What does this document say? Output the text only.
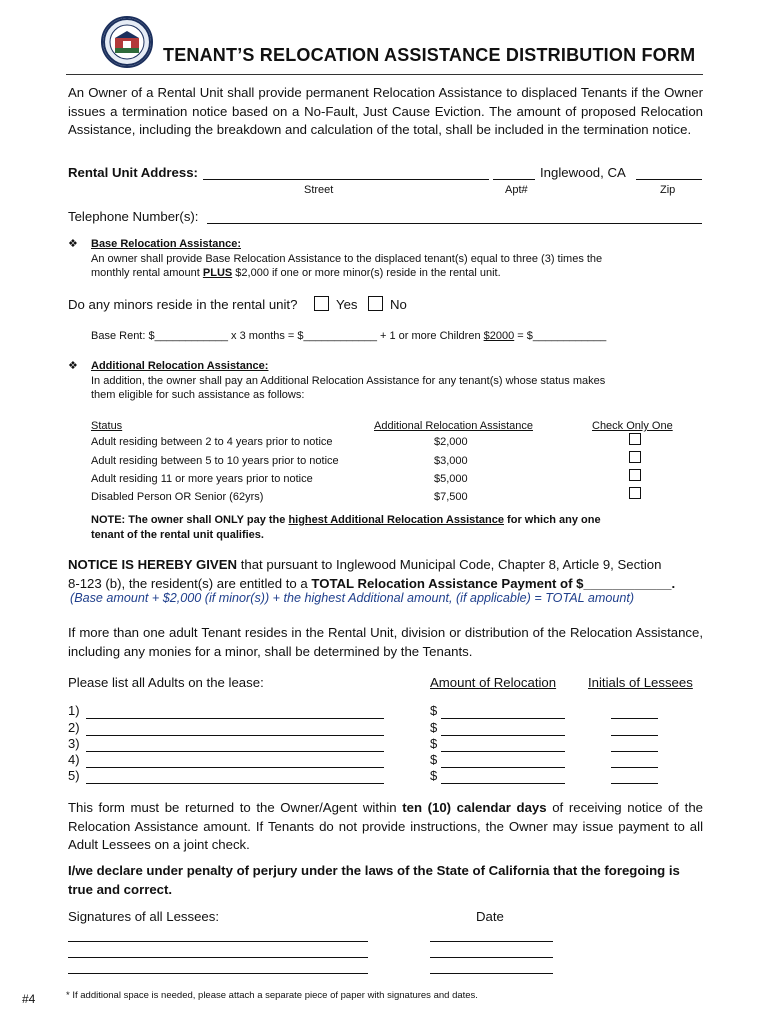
TENANT’S RELOCATION ASSISTANCE DISTRIBUTION FORM
An Owner of a Rental Unit shall provide permanent Relocation Assistance to displaced Tenants if the Owner issues a termination notice based on a No-Fault, Just Cause Eviction. The amount of proposed Relocation Assistance, including the breakdown and calculation of the total, shall be included in the termination notice.
Rental Unit Address:	Inglewood, CA
Street	Apt#	Zip
Telephone Number(s):
❖ Base Relocation Assistance:
An owner shall provide Base Relocation Assistance to the displaced tenant(s) equal to three (3) times the
monthly rental amount PLUS $2,000 if one or more minor(s) reside in the rental unit.
Do any minors reside in the rental unit?	Yes No
Base Rent: $____________ x 3 months = $____________ + 1 or more Children $2000 = $____________
❖ Additional Relocation Assistance:
In addition, the owner shall pay an Additional Relocation Assistance for any tenant(s) whose status makes
them eligible for such assistance as follows:
Status	Additional Relocation Assistance	Check Only One
Adult residing between 2 to 4 years prior to notice	$2,000
Adult residing between 5 to 10 years prior to notice	$3,000
Adult residing 11 or more years prior to notice	$5,000
Disabled Person OR Senior (62yrs)	$7,500
NOTE: The owner shall ONLY pay the highest Additional Relocation Assistance for which any one
tenant of the rental unit qualifies.
NOTICE IS HEREBY GIVEN that pursuant to Inglewood Municipal Code, Chapter 8, Article 9, Section
8-123 (b), the resident(s) are entitled to a TOTAL Relocation Assistance Payment of $____________.
(Base amount + $2,000 (if minor(s)) + the highest Additional amount, (if applicable) = TOTAL amount)
If more than one adult Tenant resides in the Rental Unit, division or distribution of the Relocation Assistance, including any monies for a minor, shall be determined by the Tenants.
Please list all Adults on the lease:	Amount of Relocation Initials of Lessees
1)	$
2)	$
3)	$
4)	$
5)	$
This form must be returned to the Owner/Agent within ten (10) calendar days of receiving notice of the Relocation Assistance amount. If Tenants do not provide instructions, the Owner may issue payment to all Adult Lessees on a joint check.
I/we declare under penalty of perjury under the laws of the State of California that the foregoing is true and correct.
Signatures of all Lessees:	Date
#4	* If additional space is needed, please attach a separate piece of paper with signatures and dates.
